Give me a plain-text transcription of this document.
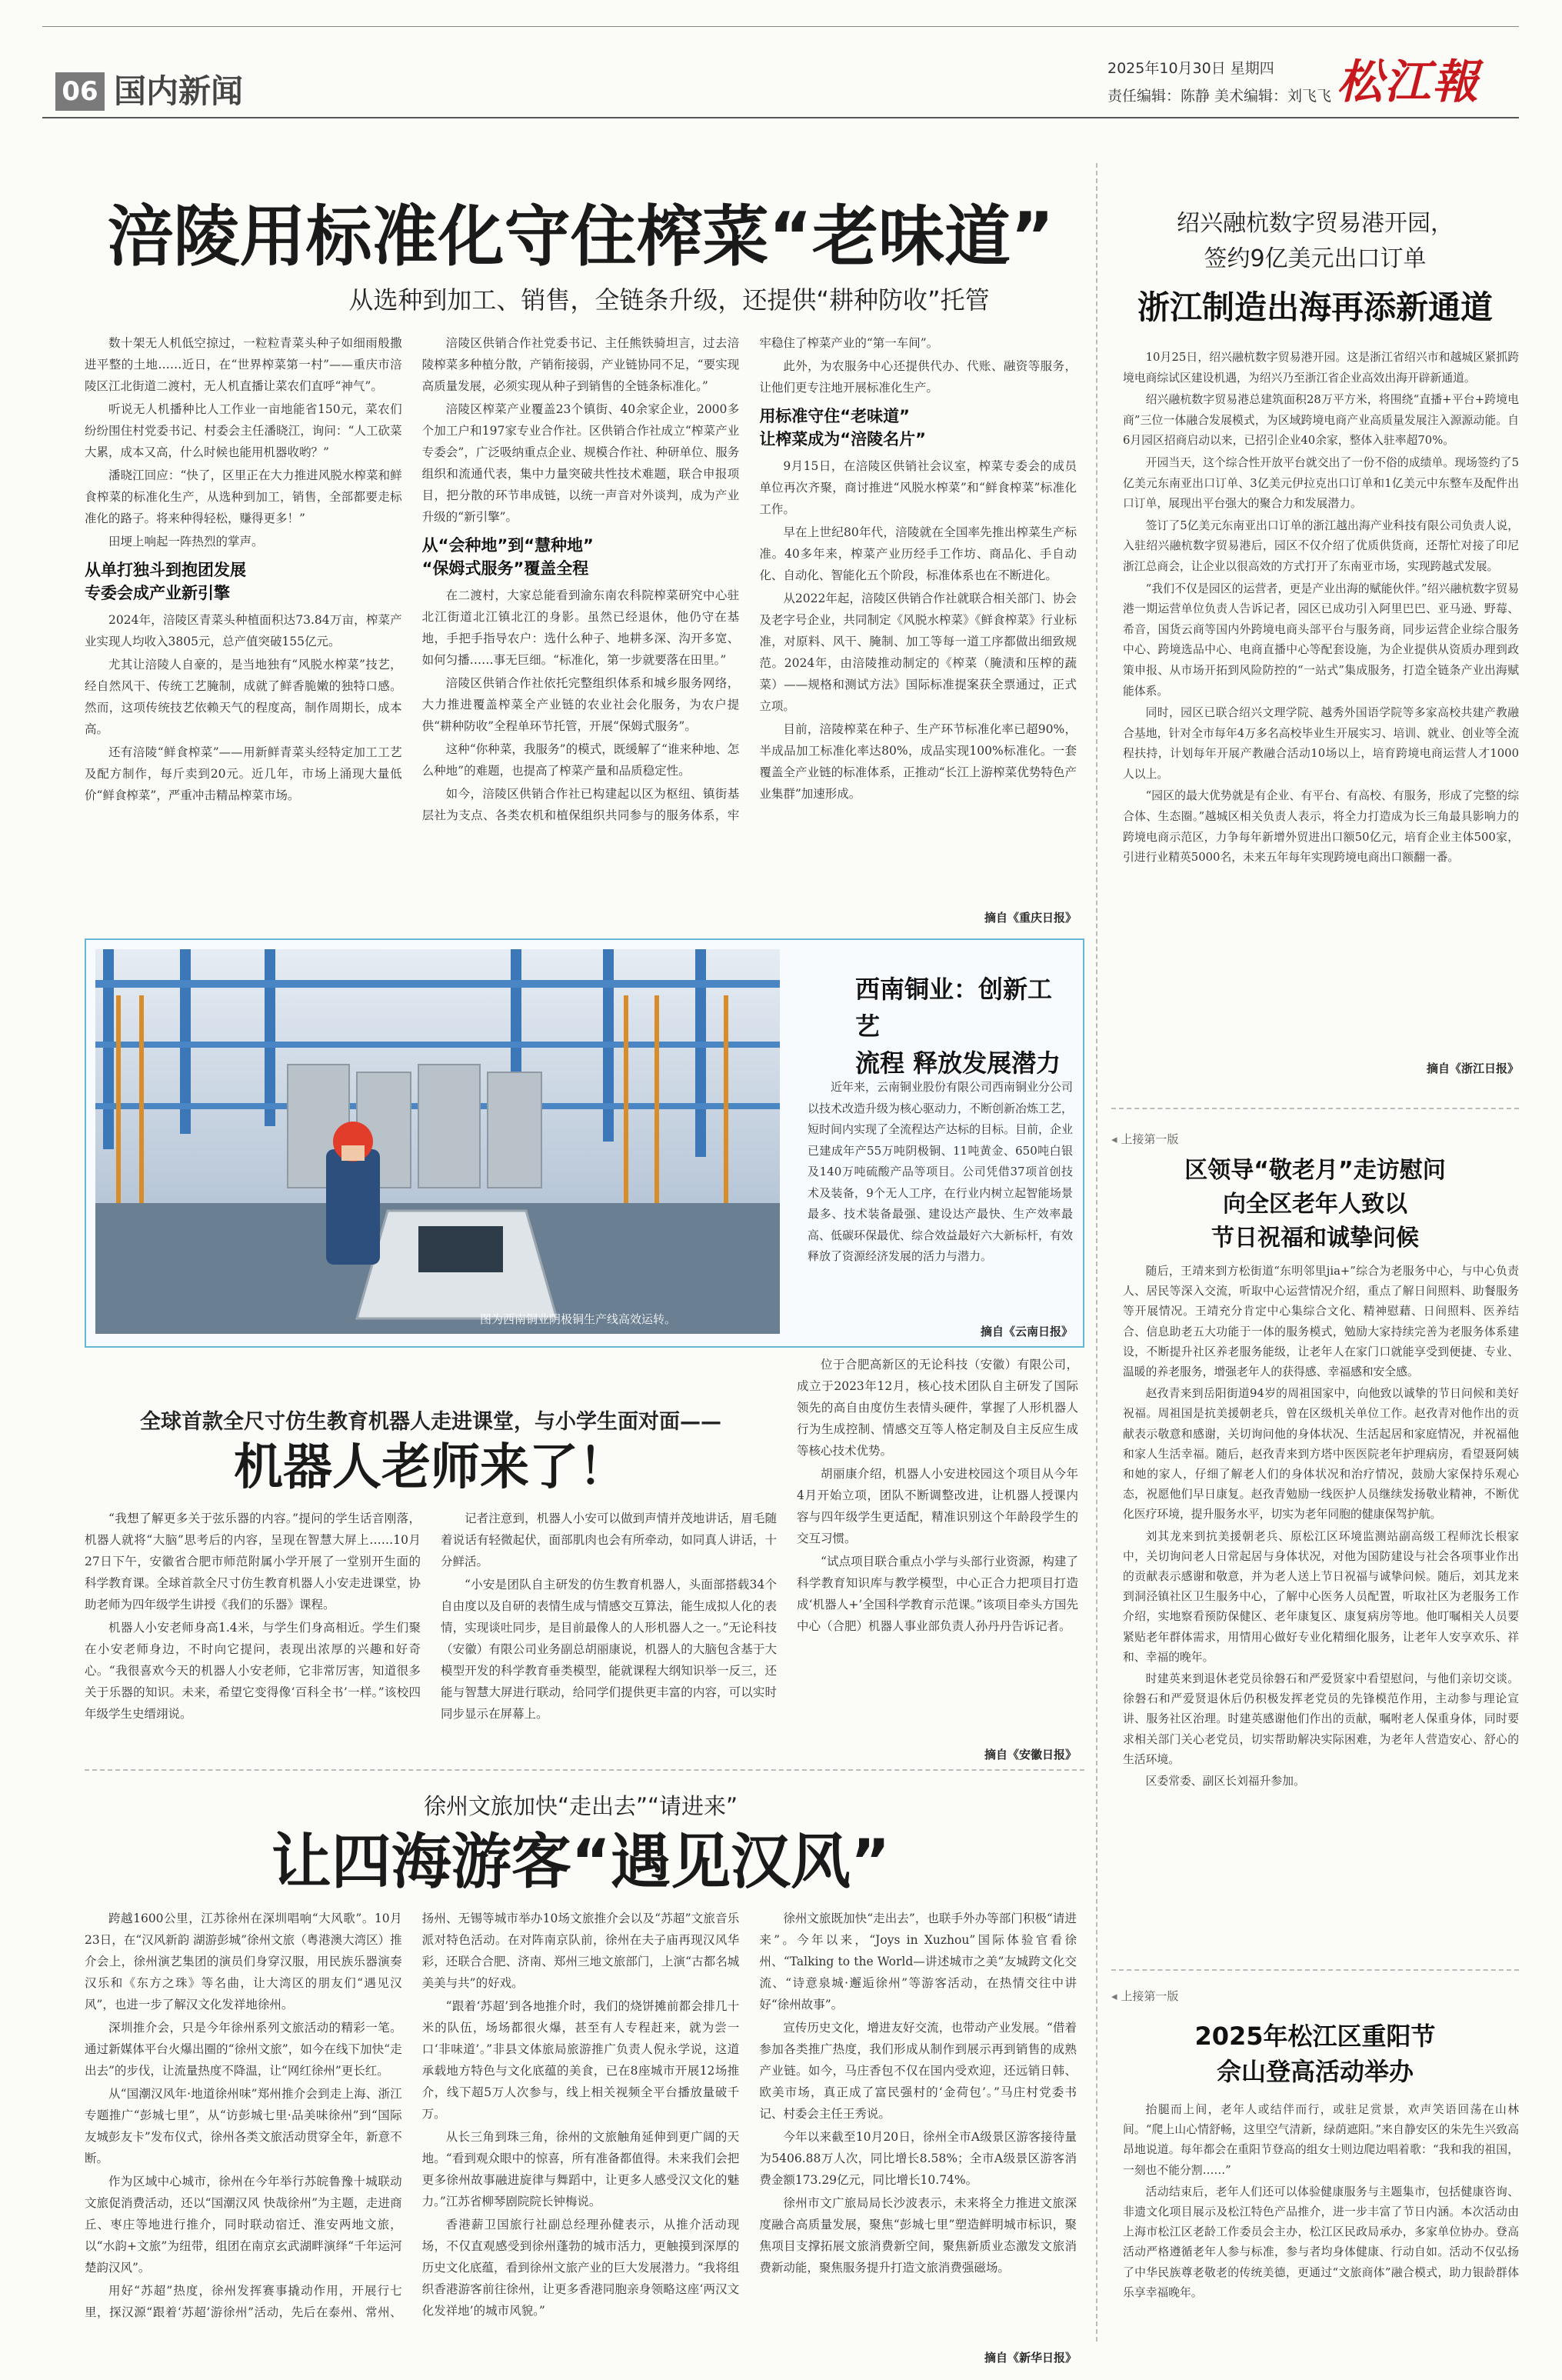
06 国内新闻
2025年10月30日 星期四
责任编辑：陈静 美术编辑：刘飞飞 松江報
涪陵用标准化守住榨菜“老味道”
从选种到加工、销售，全链条升级，还提供“耕种防收”托管

数十架无人机低空掠过，一粒粒青菜头种子如细雨般撒进平整的土地……近日，在“世界榨菜第一村”——重庆市涪陵区江北街道二渡村，无人机直播让菜农们直呼“神气”。

听说无人机播种比人工作业一亩地能省150元，菜农们纷纷围住村党委书记、村委会主任潘晓江，询问：“人工砍菜大累，成本又高，什么时候也能用机器收哟？”

潘晓江回应：“快了，区里正在大力推进风脱水榨菜和鲜食榨菜的标准化生产，从选种到加工，销售，全部都要走标准化的路子。将来种得轻松，赚得更多！”

田埂上响起一阵热烈的掌声。

从单打独斗到抱团发展
专委会成产业新引擎

2024年，涪陵区青菜头种植面积达73.84万亩，榨菜产业实现人均收入3805元，总产值突破155亿元。

尤其让涪陵人自豪的，是当地独有“风脱水榨菜”技艺，经自然风干、传统工艺腌制，成就了鲜香脆嫩的独特口感。然而，这项传统技艺依赖天气的程度高，制作周期长，成本高。

还有涪陵“鲜食榨菜”——用新鲜青菜头经特定加工工艺及配方制作，每斤卖到20元。近几年，市场上涌现大量低价“鲜食榨菜”，严重冲击精品榨菜市场。

涪陵区供销合作社党委书记、主任熊铁骑坦言，过去涪陵榨菜多种植分散，产销衔接弱，产业链协同不足，“要实现高质量发展，必须实现从种子到销售的全链条标准化。”

涪陵区榨菜产业覆盖23个镇街、40余家企业，2000多个加工户和197家专业合作社。区供销合作社成立“榨菜产业专委会”，广泛吸纳重点企业、规模合作社、种研单位、服务组织和流通代表，集中力量突破共性技术难题，联合申报项目，把分散的环节串成链，以统一声音对外谈判，成为产业升级的“新引擎”。

从“会种地”到“慧种地”
“保姆式服务”覆盖全程

在二渡村，大家总能看到渝东南农科院榨菜研究中心驻北江街道北江镇北江的身影。虽然已经退休，他仍守在基地，手把手指导农户：选什么种子、地耕多深、沟开多宽、如何匀播……事无巨细。“标准化，第一步就要落在田里。”

涪陵区供销合作社依托完整组织体系和城乡服务网络，大力推进覆盖榨菜全产业链的农业社会化服务，为农户提供“耕种防收”全程单环节托管，开展“保姆式服务”。

这种“你种菜，我服务”的模式，既缓解了“谁来种地、怎么种地”的难题，也提高了榨菜产量和品质稳定性。

如今，涪陵区供销合作社已构建起以区为枢纽、镇街基层社为支点、各类农机和植保组织共同参与的服务体系，牢牢稳住了榨菜产业的“第一车间”。

此外，为农服务中心还提供代办、代账、融资等服务，让他们更专注地开展标准化生产。

用标准守住“老味道”
让榨菜成为“涪陵名片”

9月15日，在涪陵区供销社会议室，榨菜专委会的成员单位再次齐聚，商讨推进“风脱水榨菜”和“鲜食榨菜”标准化工作。

早在上世纪80年代，涪陵就在全国率先推出榨菜生产标准。40多年来，榨菜产业历经手工作坊、商品化、手自动化、自动化、智能化五个阶段，标准体系也在不断进化。

从2022年起，涪陵区供销合作社就联合相关部门、协会及老字号企业，共同制定《风脱水榨菜》《鲜食榨菜》行业标准，对原料、风干、腌制、加工等每一道工序都做出细致规范。2024年，由涪陵推动制定的《榨菜（腌渍和压榨的蔬菜）——规格和测试方法》国际标准提案获全票通过，正式立项。

目前，涪陵榨菜在种子、生产环节标准化率已超90%，半成品加工标准化率达80%，成品实现100%标准化。一套覆盖全产业链的标准体系，正推动“长江上游榨菜优势特色产业集群”加速形成。

摘自《重庆日报》
图为西南铜业阴极铜生产线高效运转。
西南铜业：创新工艺
流程 释放发展潜力

近年来，云南铜业股份有限公司西南铜业分公司以技术改造升级为核心驱动力，不断创新冶炼工艺，短时间内实现了全流程达产达标的目标。目前，企业已建成年产55万吨阴极铜、11吨黄金、650吨白银及140万吨硫酸产品等项目。公司凭借37项首创技术及装备，9个无人工序，在行业内树立起智能场景最多、技术装备最强、建设达产最快、生产效率最高、低碳环保最优、综合效益最好六大新标杆，有效释放了资源经济发展的活力与潜力。

摘自《云南日报》
全球首款全尺寸仿生教育机器人走进课堂，与小学生面对面——
机器人老师来了！

“我想了解更多关于弦乐器的内容。”提问的学生话音刚落，机器人就将“大脑”思考后的内容，呈现在智慧大屏上……10月27日下午，安徽省合肥市师范附属小学开展了一堂别开生面的科学教育课。全球首款全尺寸仿生教育机器人小安走进课堂，协助老师为四年级学生讲授《我们的乐器》课程。

机器人小安老师身高1.4米，与学生们身高相近。学生们聚在小安老师身边，不时向它提问，表现出浓厚的兴趣和好奇心。“我很喜欢今天的机器人小安老师，它非常厉害，知道很多关于乐器的知识。未来，希望它变得像‘百科全书’一样。”该校四年级学生史缙翊说。

记者注意到，机器人小安可以做到声情并茂地讲话，眉毛随着说话有轻微起伏，面部肌肉也会有所牵动，如同真人讲话，十分鲜活。

“小安是团队自主研发的仿生教育机器人，头面部搭载34个自由度以及自研的表情生成与情感交互算法，能生成拟人化的表情，实现谈吐同步，是目前最像人的人形机器人之一。”无论科技（安徽）有限公司业务副总胡丽康说，机器人的大脑包含基于大模型开发的科学教育垂类模型，能就课程大纲知识举一反三，还能与智慧大屏进行联动，给同学们提供更丰富的内容，可以实时同步显示在屏幕上。

位于合肥高新区的无论科技（安徽）有限公司，成立于2023年12月，核心技术团队自主研发了国际领先的高自由度仿生表情头硬件，掌握了人形机器人行为生成控制、情感交互等人格定制及自主反应生成等核心技术优势。

胡丽康介绍，机器人小安进校园这个项目从今年4月开始立项，团队不断调整改进，让机器人授课内容与四年级学生更适配，精准识别这个年龄段学生的交互习惯。

“试点项目联合重点小学与头部行业资源，构建了科学教育知识库与教学模型，中心正合力把项目打造成‘机器人+’全国科学教育示范课。”该项目牵头方国先中心（合肥）机器人事业部负责人孙丹丹告诉记者。

摘自《安徽日报》
徐州文旅加快“走出去”“请进来”
让四海游客“遇见汉风”

跨越1600公里，江苏徐州在深圳唱响“大风歌”。10月23日，在“汉风新韵 湖游彭城”徐州文旅（粤港澳大湾区）推介会上，徐州演艺集团的演员们身穿汉服，用民族乐器演奏汉乐和《东方之珠》等名曲，让大湾区的朋友们“遇见汉风”，也进一步了解汉文化发祥地徐州。

深圳推介会，只是今年徐州系列文旅活动的精彩一笔。通过新媒体平台火爆出圈的“徐州文旅”，如今在线下加快“走出去”的步伐，让流量热度不降温，让“网红徐州”更长红。

从“国潮汉风年·地道徐州味”郑州推介会到走上海、浙江专题推广“彭城七里”，从“访彭城七里·品美味徐州”到“国际友城彭友卡”发布仪式，徐州各类文旅活动贯穿全年，新意不断。

作为区域中心城市，徐州在今年举行苏皖鲁豫十城联动文旅促消费活动，还以“国潮汉风 快哉徐州”为主题，走进商丘、枣庄等地进行推介，同时联动宿迁、淮安两地文旅，以“水韵+文旅”为纽带，组团在南京玄武湖畔演绎“千年运河 楚韵汉风”。

用好“苏超”热度，徐州发挥赛事撬动作用，开展行七里，探汉源“跟着‘苏超’游徐州”活动，先后在泰州、常州、扬州、无锡等城市举办10场文旅推介会以及“苏超”文旅音乐派对特色活动。在对阵南京队前，徐州在夫子庙再现汉风华彩，还联合合肥、济南、郑州三地文旅部门，上演“古都名城 美美与共”的好戏。

“跟着‘苏超’到各地推介时，我们的烧饼摊前都会排几十米的队伍，场场都很火爆，甚至有人专程赶来，就为尝一口‘非味道’。”非县文体旅局旅游推广负责人倪永学说，这道承载地方特色与文化底蕴的美食，已在8座城市开展12场推介，线下超5万人次参与，线上相关视频全平台播放量破千万。

从长三角到珠三角，徐州的文旅触角延伸到更广阔的天地。“看到观众眼中的惊喜，所有准备都值得。未来我们会把更多徐州故事融进旋律与舞蹈中，让更多人感受汉文化的魅力。”江苏省柳琴剧院院长钟梅说。

香港薪卫国旅行社副总经理孙健表示，从推介活动现场，不仅直观感受到徐州蓬勃的城市活力，更触摸到深厚的历史文化底蕴，看到徐州文旅产业的巨大发展潜力。“我将组织香港游客前往徐州，让更多香港同胞亲身领略这座‘两汉文化发祥地’的城市风貌。”

徐州文旅既加快“走出去”，也联手外办等部门积极“请进来”。今年以来，“Joys in Xuzhou”国际体验官看徐州、“Talking to the World—讲述城市之美”友城跨文化交流、“诗意泉城·邂逅徐州”等游客活动，在热情交往中讲好“徐州故事”。

宣传历史文化，增进友好交流，也带动产业发展。“借着参加各类推广热度，我们形成从制作到展示再到销售的成熟产业链。如今，马庄香包不仅在国内受欢迎，还远销日韩、欧美市场，真正成了富民强村的‘金荷包’。”马庄村党委书记、村委会主任王秀说。

今年以来截至10月20日，徐州全市A级景区游客接待量为5406.88万人次，同比增长8.58%；全市A级景区游客消费金额173.29亿元，同比增长10.74%。

徐州市文广旅局局长沙波表示，未来将全力推进文旅深度融合高质量发展，聚焦“彭城七里”塑造鲜明城市标识，聚焦项目支撑拓展文旅消费新空间，聚焦新质业态激发文旅消费新动能，聚焦服务提升打造文旅消费强磁场。

摘自《新华日报》
绍兴融杭数字贸易港开园，
签约9亿美元出口订单
浙江制造出海再添新通道

10月25日，绍兴融杭数字贸易港开园。这是浙江省绍兴市和越城区紧抓跨境电商综试区建设机遇，为绍兴乃至浙江省企业高效出海开辟新通道。

绍兴融杭数字贸易港总建筑面积28万平方米，将围绕“直播+平台+跨境电商”三位一体融合发展模式，为区域跨境电商产业高质量发展注入源源动能。自6月园区招商启动以来，已招引企业40余家，整体入驻率超70%。

开园当天，这个综合性开放平台就交出了一份不俗的成绩单。现场签约了5亿美元东南亚出口订单、3亿美元伊拉克出口订单和1亿美元中东整车及配件出口订单，展现出平台强大的聚合力和发展潜力。

签订了5亿美元东南亚出口订单的浙江越出海产业科技有限公司负责人说，入驻绍兴融杭数字贸易港后，园区不仅介绍了优质供货商，还帮忙对接了印尼浙江总商会，让企业以很高效的方式打开了东南亚市场，实现跨越式发展。

“我们不仅是园区的运营者，更是产业出海的赋能伙伴。”绍兴融杭数字贸易港一期运营单位负责人告诉记者，园区已成功引入阿里巴巴、亚马逊、野莓、希音，国货云商等国内外跨境电商头部平台与服务商，同步运营企业综合服务中心、跨境选品中心、电商直播中心等配套设施，为企业提供从资质办理到政策申报、从市场开拓到风险防控的“一站式”集成服务，打造全链条产业出海赋能体系。

同时，园区已联合绍兴文理学院、越秀外国语学院等多家高校共建产教融合基地，针对全市每年4万多名高校毕业生开展实习、培训、就业、创业等全流程扶持，计划每年开展产教融合活动10场以上，培育跨境电商运营人才1000人以上。

“园区的最大优势就是有企业、有平台、有高校、有服务，形成了完整的综合体、生态圈。”越城区相关负责人表示，将全力打造成为长三角最具影响力的跨境电商示范区，力争每年新增外贸进出口额50亿元，培育企业主体500家，引进行业精英5000名，未来五年每年实现跨境电商出口额翻一番。

摘自《浙江日报》
◂ 上接第一版
区领导“敬老月”走访慰问
向全区老年人致以
节日祝福和诚挚问候

随后，王靖来到方松街道“东明邻里jia+”综合为老服务中心，与中心负责人、居民等深入交流，听取中心运营情况介绍，重点了解日间照料、助餐服务等开展情况。王靖充分肯定中心集综合文化、精神慰藉、日间照料、医养结合、信息助老五大功能于一体的服务模式，勉励大家持续完善为老服务体系建设，不断提升社区养老服务能级，让老年人在家门口就能享受到便捷、专业、温暖的养老服务，增强老年人的获得感、幸福感和安全感。

赵孜青来到岳阳街道94岁的周祖国家中，向他致以诚挚的节日问候和美好祝福。周祖国是抗美援朝老兵，曾在区级机关单位工作。赵孜青对他作出的贡献表示敬意和感谢，关切询问他的身体状况、生活起居和家庭情况，并祝福他和家人生活幸福。随后，赵孜青来到方塔中医医院老年护理病房，看望聂阿姨和她的家人，仔细了解老人们的身体状况和治疗情况，鼓励大家保持乐观心态，祝愿他们早日康复。赵孜青勉励一线医护人员继续发扬敬业精神，不断优化医疗环境，提升服务水平，切实为老年同胞的健康保驾护航。

刘其龙来到抗美援朝老兵、原松江区环境监测站副高级工程师沈长根家中，关切询问老人日常起居与身体状况，对他为国防建设与社会各项事业作出的贡献表示感谢和敬意，并为老人送上节日祝福与诚挚问候。随后，刘其龙来到洞泾镇社区卫生服务中心，了解中心医务人员配置，听取社区为老服务工作介绍，实地察看预防保健区、老年康复区、康复病房等地。他叮嘱相关人员要紧贴老年群体需求，用情用心做好专业化精细化服务，让老年人安享欢乐、祥和、幸福的晚年。

时建英来到退休老党员徐磐石和严爱贤家中看望慰问，与他们亲切交谈。徐磐石和严爱贤退休后仍积极发挥老党员的先锋模范作用，主动参与理论宣讲、服务社区治理。时建英感谢他们作出的贡献，嘱咐老人保重身体，同时要求相关部门关心老党员，切实帮助解决实际困难，为老年人营造安心、舒心的生活环境。

区委常委、副区长刘福升参加。

◂ 上接第一版
2025年松江区重阳节
佘山登高活动举办

抬腿而上间，老年人或结伴而行，或驻足赏景，欢声笑语回荡在山林间。“爬上山心情舒畅，这里空气清新，绿荫遮阳。”来自静安区的朱先生兴致高昂地说道。每年都会在重阳节登高的组女士则边爬边唱着歌：“我和我的祖国，一刻也不能分割……”

活动结束后，老年人们还可以体验健康服务与主题集市，包括健康咨询、非遗文化项目展示及松江特色产品推介，进一步丰富了节日内涵。本次活动由上海市松江区老龄工作委员会主办，松江区民政局承办，多家单位协办。登高活动严格遵循老年人参与标准，参与者均身体健康、行动自如。活动不仅弘扬了中华民族尊老敬老的传统美德，更通过“文旅商体”融合模式，助力银龄群体乐享幸福晚年。
